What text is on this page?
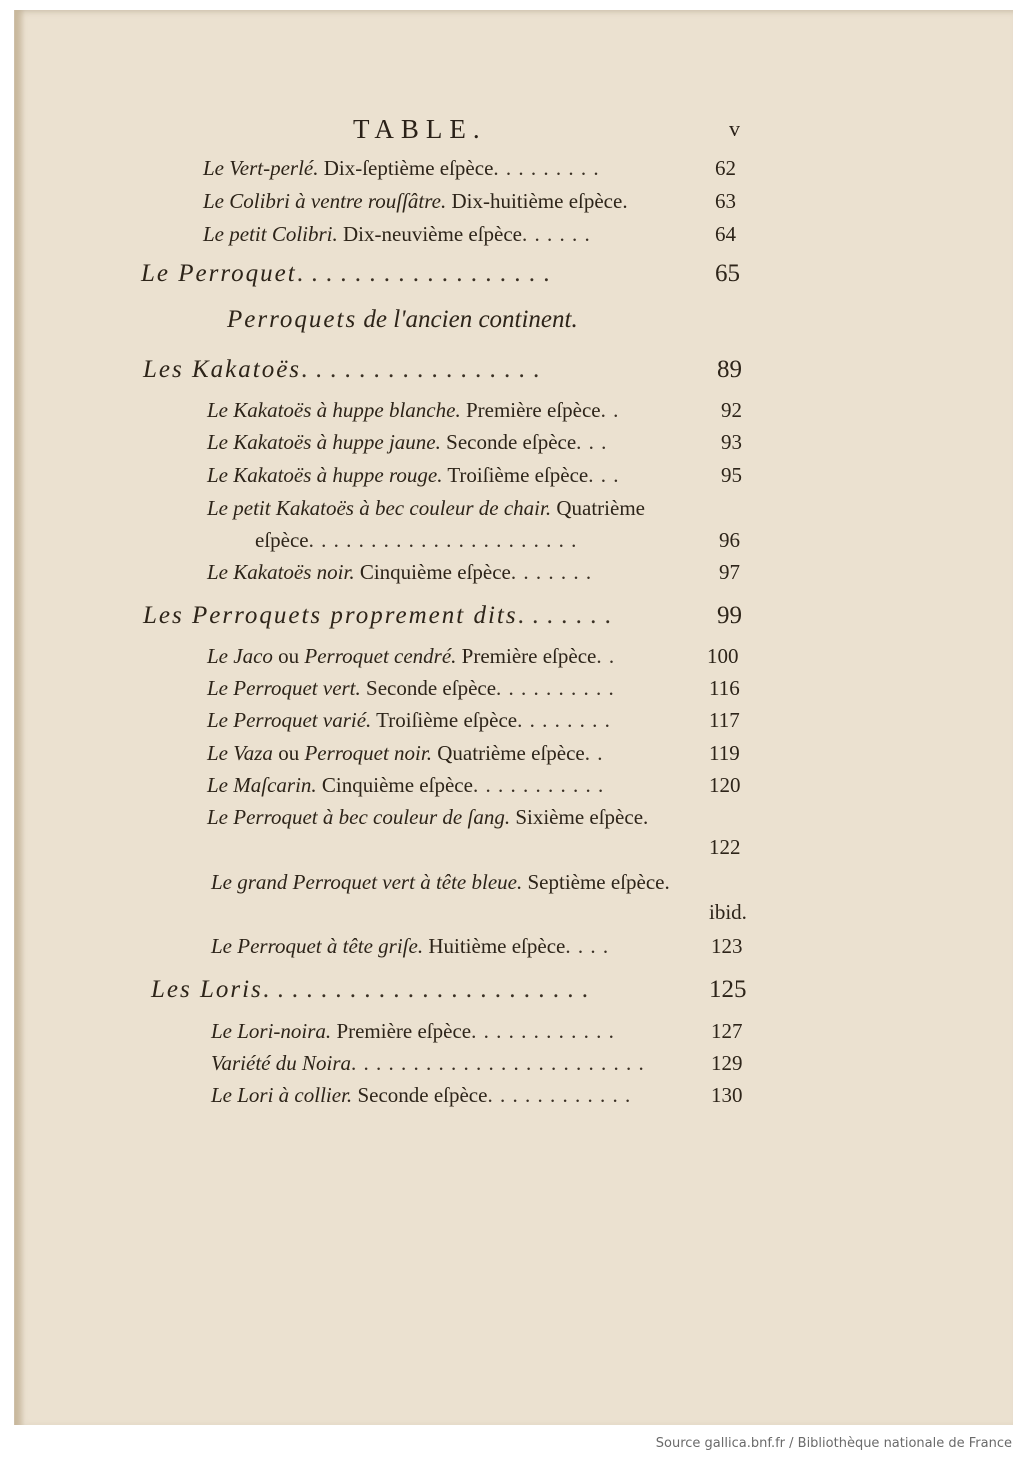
TABLE.	v
Le Vert-perlé. Dix-ſeptième eſpèce. . . . . . . . .	62
Le Colibri à ventre rouſſâtre. Dix-huitième eſpèce.	63
Le petit Colibri. Dix-neuvième eſpèce. . . . . .	64
Le Perroquet. . . . . . . . . . . . . . . . . .	65
Perroquets de l'ancien continent.
Les Kakatoës. . . . . . . . . . . . . . . . .	89
Le Kakatoës à huppe blanche. Première eſpèce. .	92
Le Kakatoës à huppe jaune. Seconde eſpèce. . .	93
Le Kakatoës à huppe rouge. Troiſième eſpèce. . .	95
Le petit Kakatoës à bec couleur de chair. Quatrième
eſpèce. . . . . . . . . . . . . . . . . . . . . .	96
Le Kakatoës noir. Cinquième eſpèce. . . . . . .	97
Les Perroquets proprement dits. . . . . . .	99
Le Jaco ou Perroquet cendré. Première eſpèce. .	100
Le Perroquet vert. Seconde eſpèce. . . . . . . . . .	116
Le Perroquet varié. Troiſième eſpèce. . . . . . . .	117
Le Vaza ou Perroquet noir. Quatrième eſpèce. .	119
Le Maſcarin. Cinquième eſpèce. . . . . . . . . . .	120
Le Perroquet à bec couleur de ſang. Sixième eſpèce.
122
Le grand Perroquet vert à tête bleue. Septième eſpèce.
ibid.
Le Perroquet à tête griſe. Huitième eſpèce. . . .	123
Les Loris. . . . . . . . . . . . . . . . . . . . . . .	125
Le Lori-noira. Première eſpèce. . . . . . . . . . . .	127
Variété du Noira. . . . . . . . . . . . . . . . . . . . . . . .	129
Le Lori à collier. Seconde eſpèce. . . . . . . . . . . .	130
Source gallica.bnf.fr / Bibliothèque nationale de France
